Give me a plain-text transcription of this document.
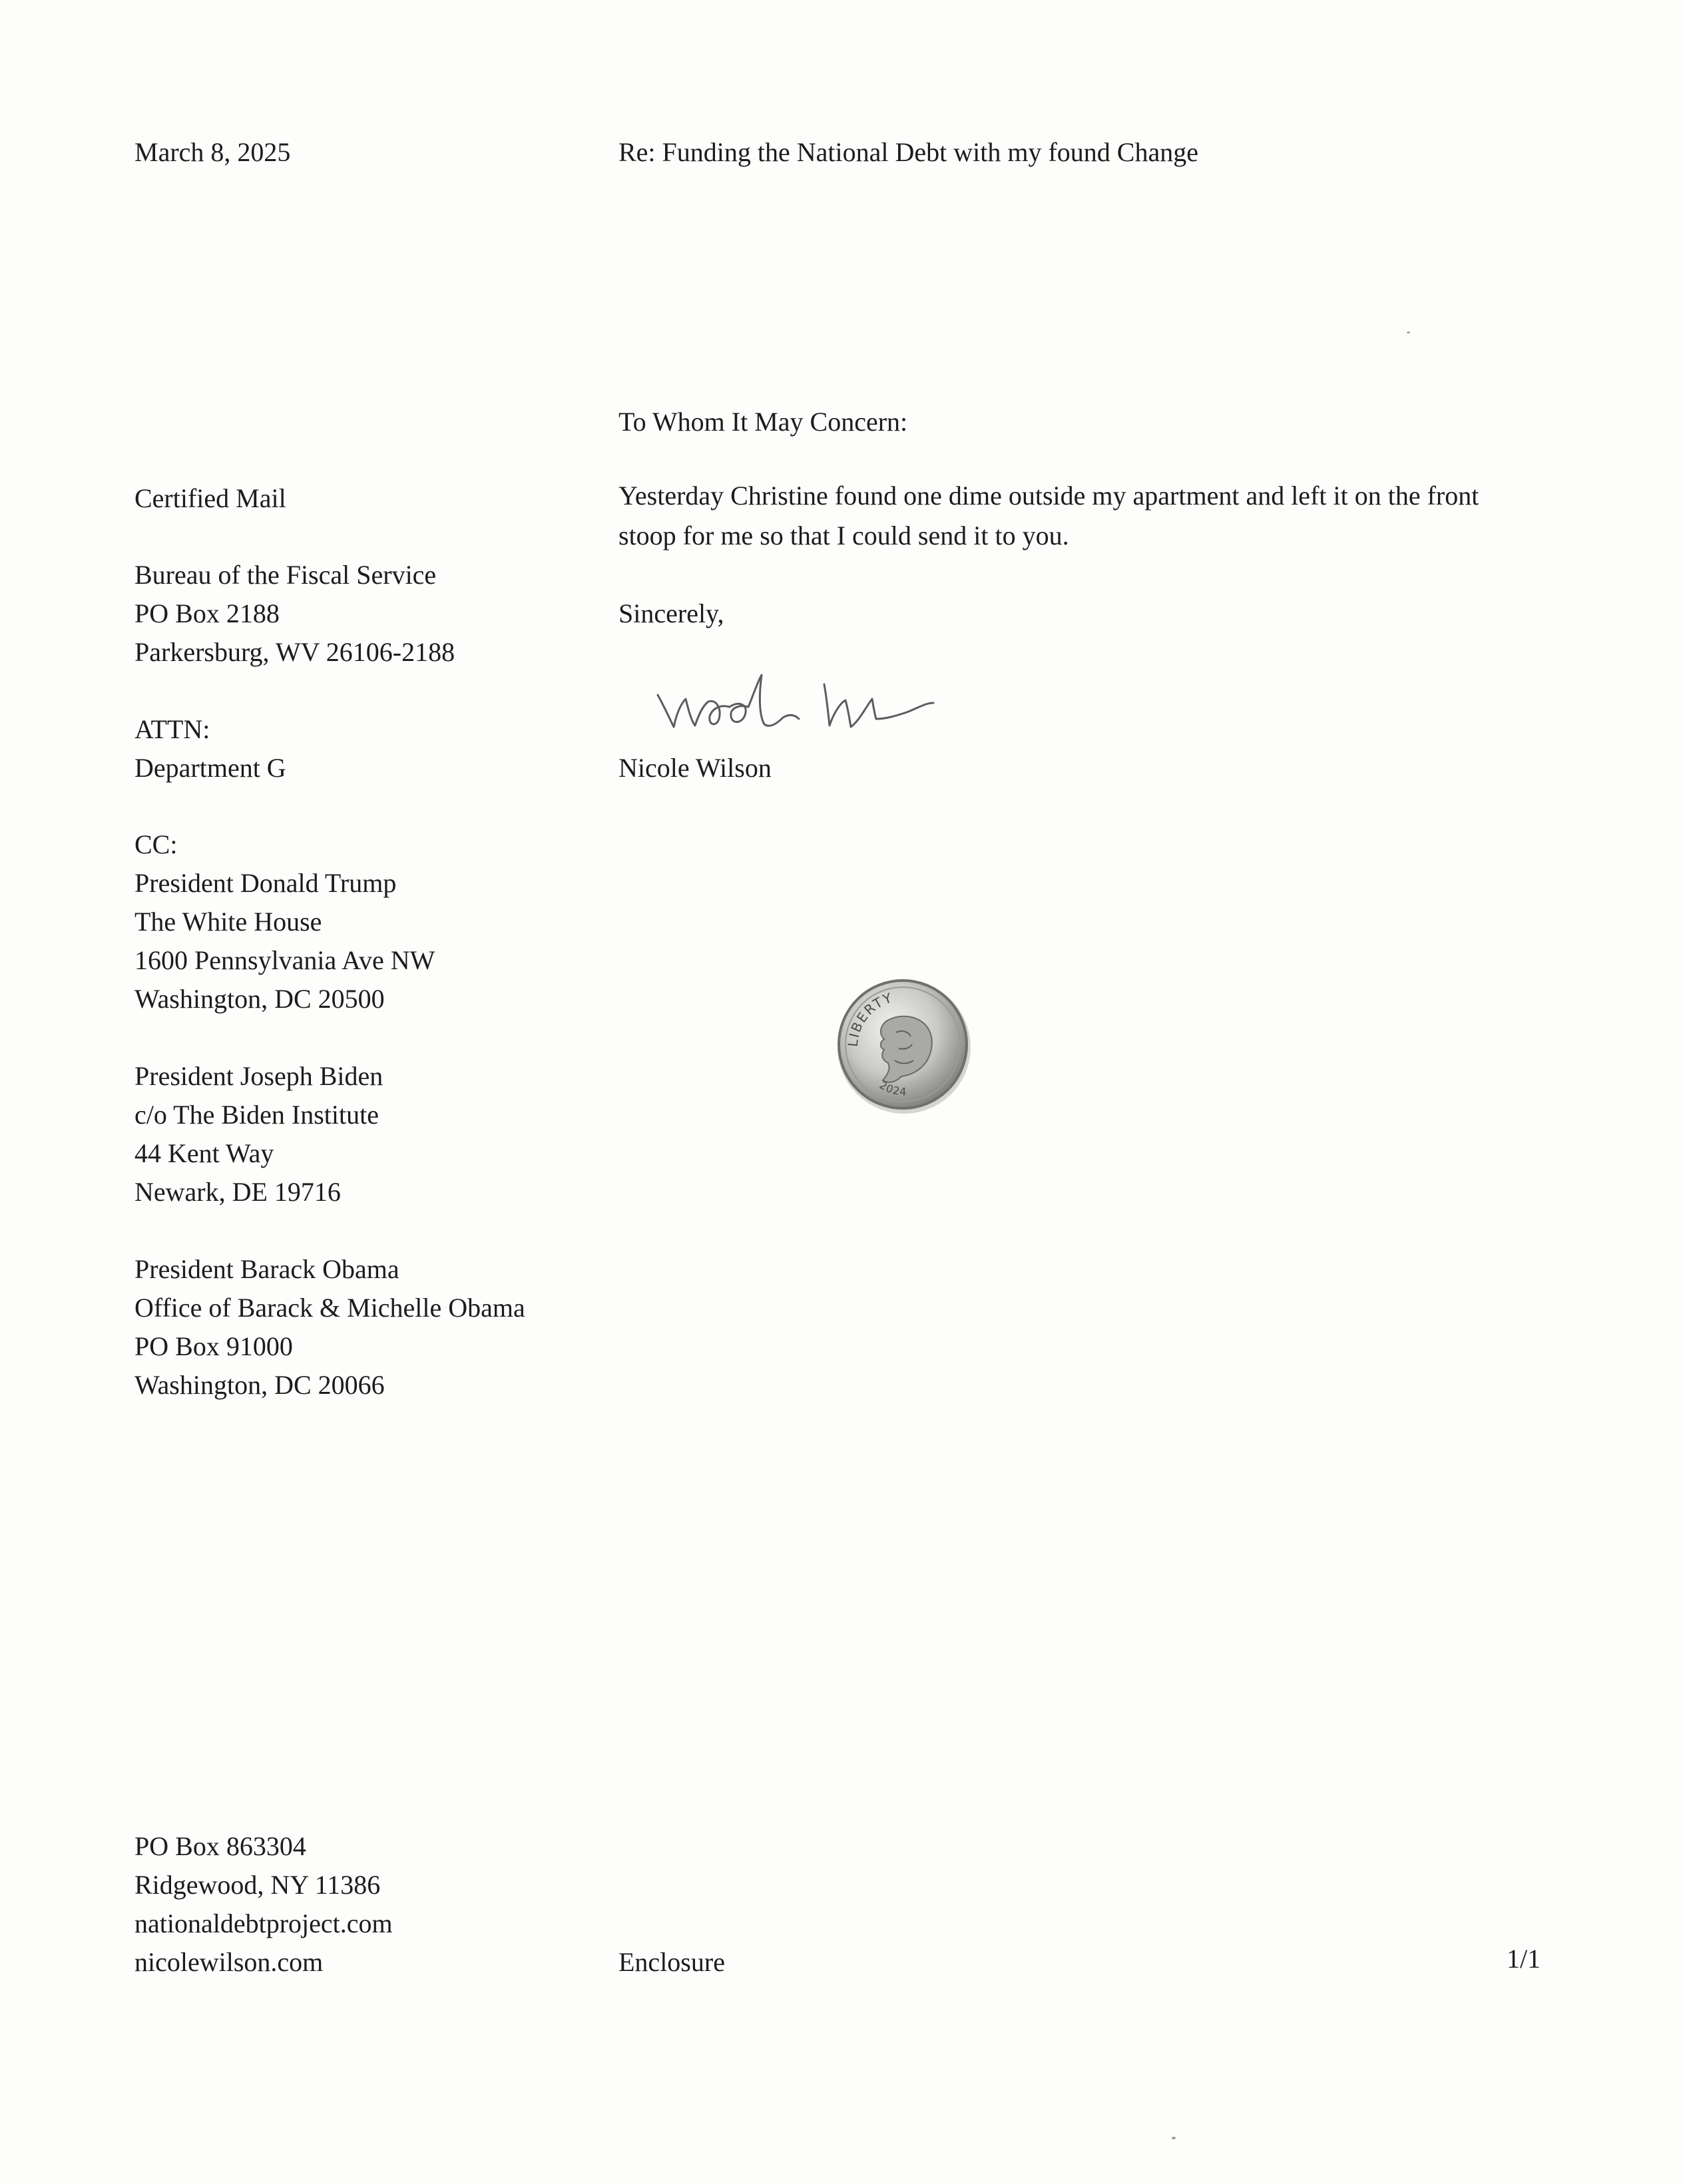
March 8, 2025	Re: Funding the National Debt with my found Change
To Whom It May Concern:
Certified Mail	Yesterday Christine found one dime outside my apartment and left it on the front stoop for me so that I could send it to you.
Bureau of the Fiscal Service
PO Box 2188
Parkersburg, WV 26106-2188
Sincerely,
ATTN:
Department G	Nicole Wilson
CC:
President Donald Trump
The White House
1600 Pennsylvania Ave NW
Washington, DC 20500
President Joseph Biden
c/o The Biden Institute
44 Kent Way
Newark, DE 19716
President Barack Obama
Office of Barack & Michelle Obama
PO Box 91000
Washington, DC 20066
LIBERTY
2024
PO Box 863304
Ridgewood, NY 11386
nationaldebtproject.com
nicolewilson.com	Enclosure	1/1
